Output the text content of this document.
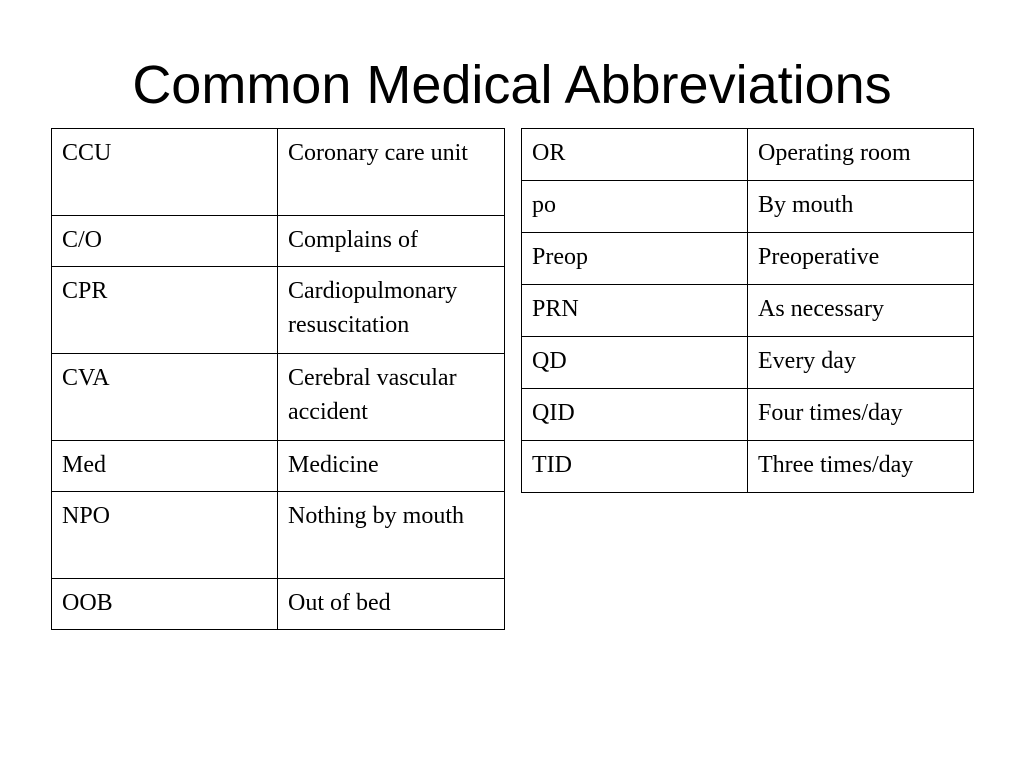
Common Medical Abbreviations
CCU	Coronary care unit
C/O	Complains of
CPR	Cardiopulmonary resuscitation
CVA	Cerebral vascular accident
Med	Medicine
NPO	Nothing by mouth
OOB	Out of bed
OR	Operating room
po	By mouth
Preop	Preoperative
PRN	As necessary
QD	Every day
QID	Four times/day
TID	Three times/day
